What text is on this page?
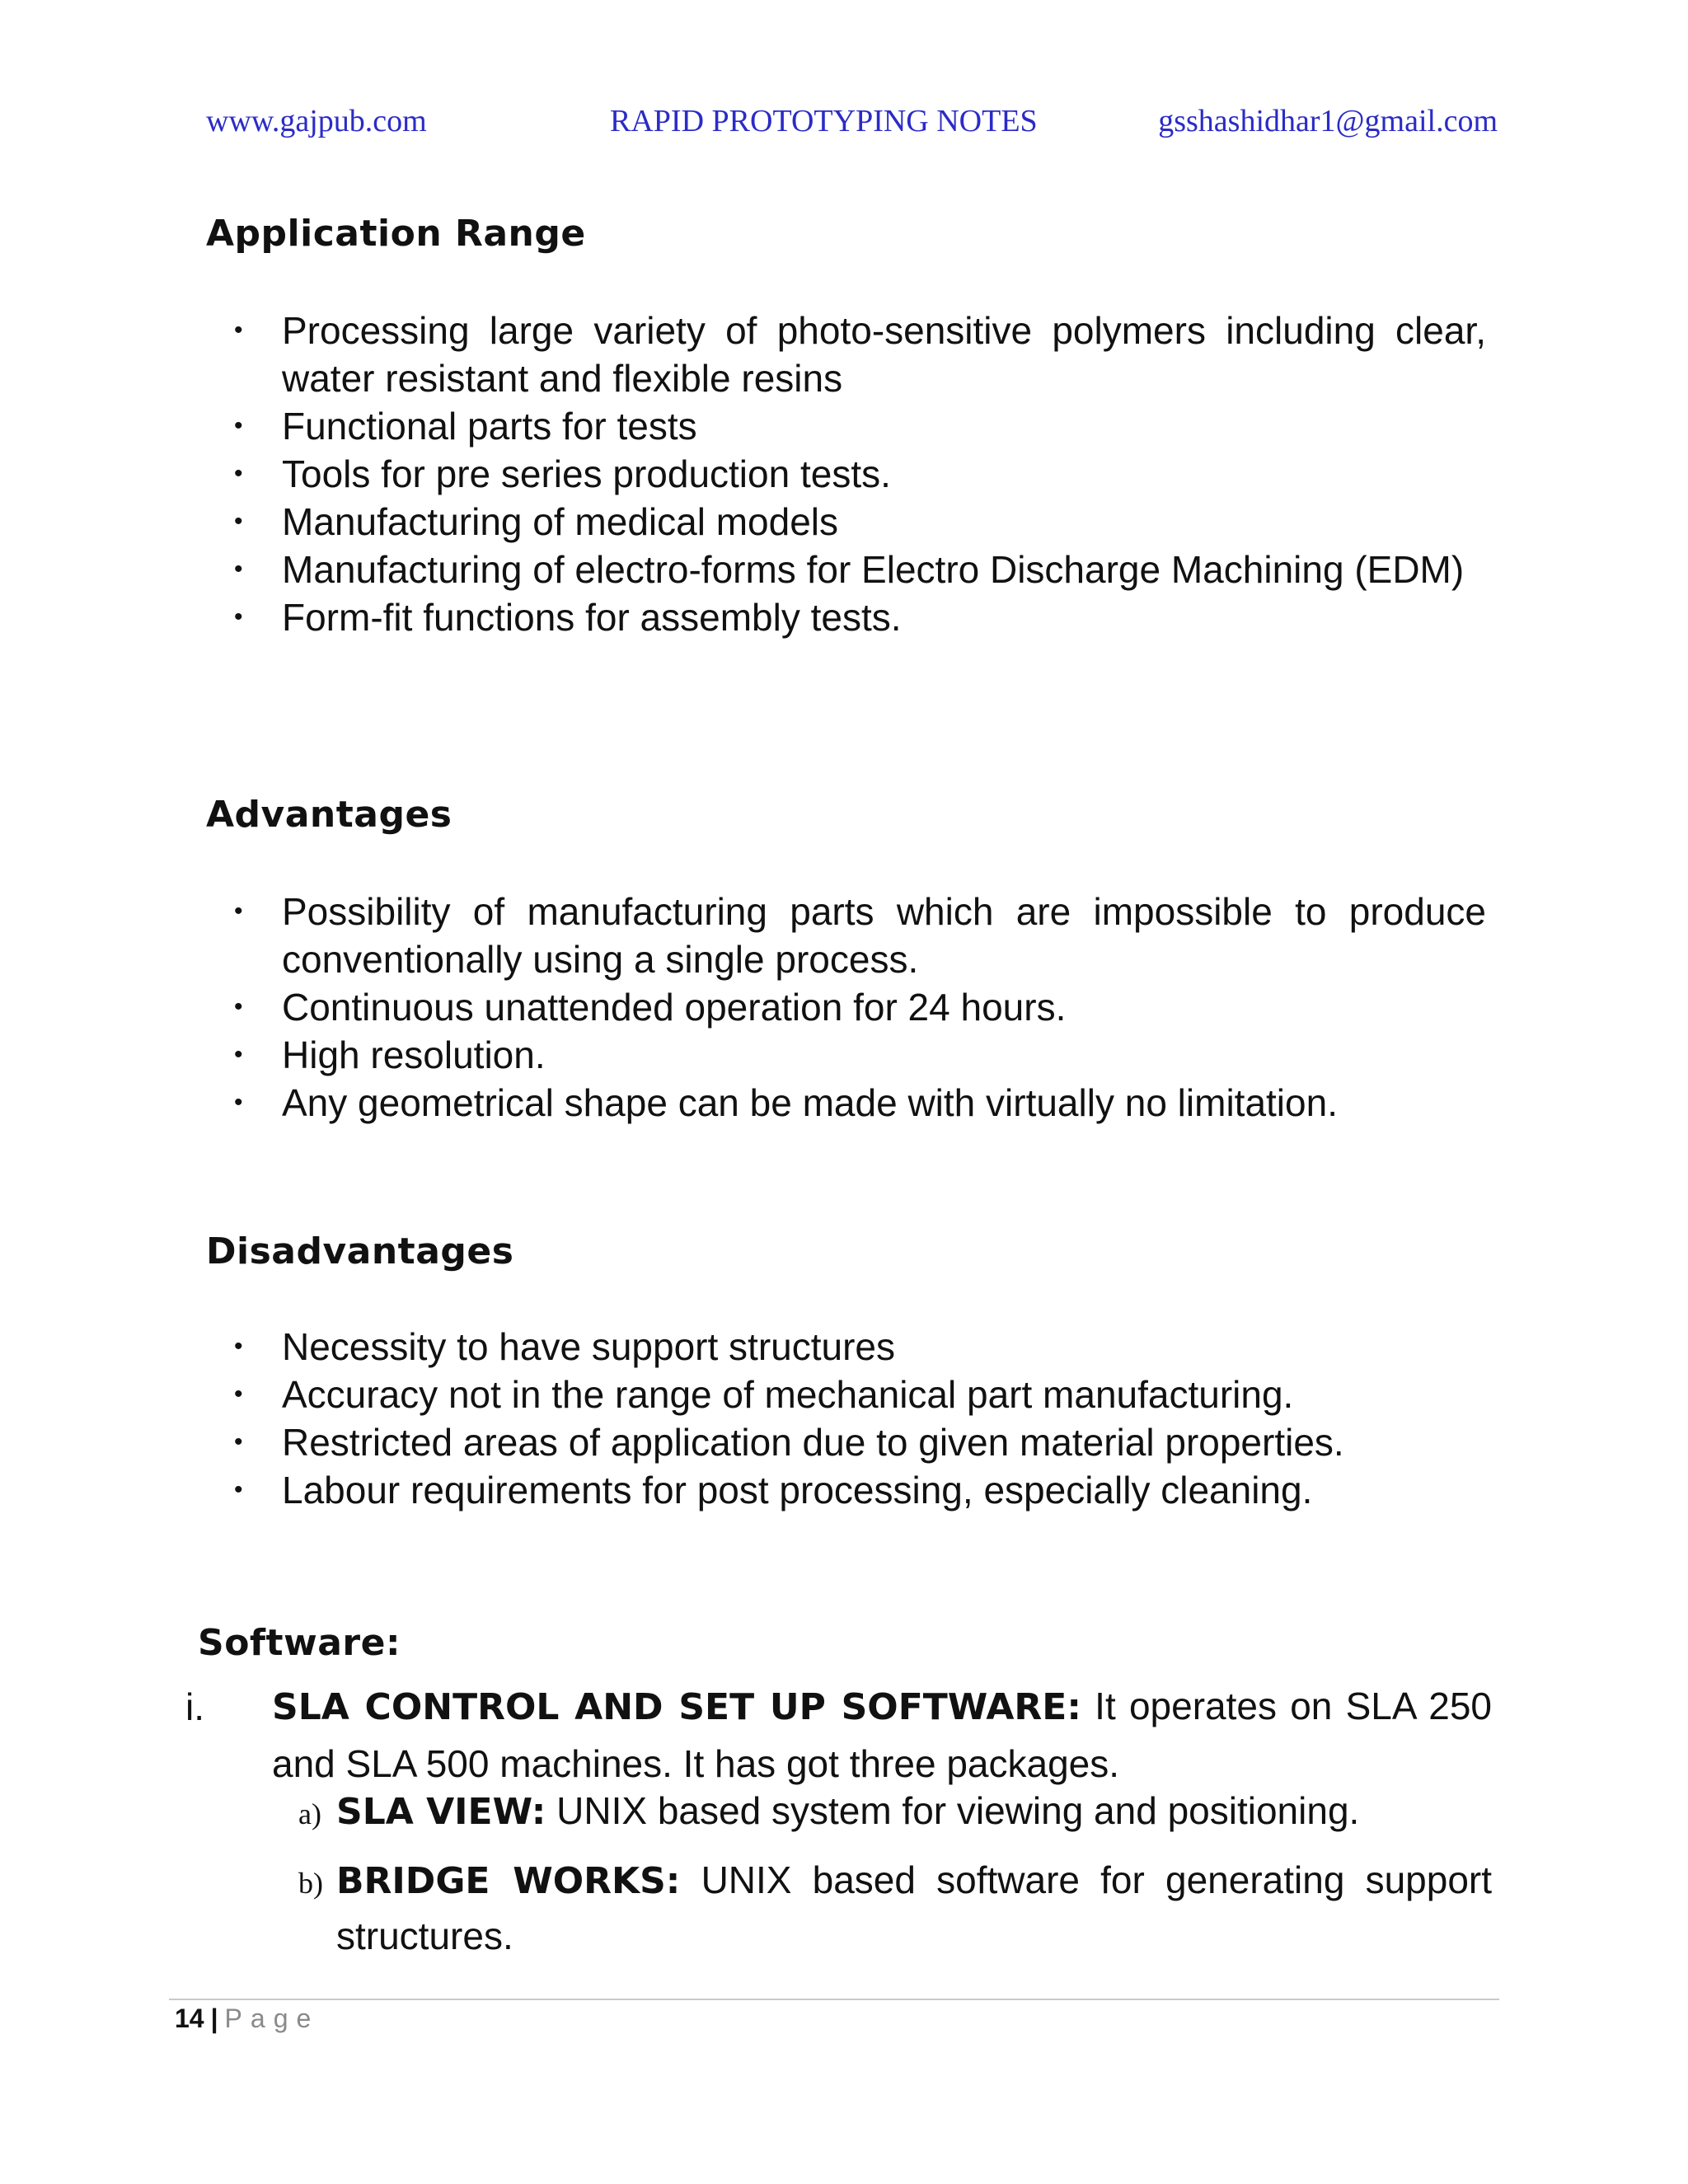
www.gajpub.com	RAPID PROTOTYPING NOTES	gsshashidhar1@gmail.com
Application Range
• Processing large variety of photo-sensitive polymers including clear, water resistant and flexible resins
• Functional parts for tests
• Tools for pre series production tests.
• Manufacturing of medical models
• Manufacturing of electro-forms for Electro Discharge Machining (EDM)
• Form-fit functions for assembly tests.
Advantages
• Possibility of manufacturing parts which are impossible to produce conventionally using a single process.
• Continuous unattended operation for 24 hours.
• High resolution.
• Any geometrical shape can be made with virtually no limitation.
Disadvantages
• Necessity to have support structures
• Accuracy not in the range of mechanical part manufacturing.
• Restricted areas of application due to given material properties.
• Labour requirements for post processing, especially cleaning.
Software:
i. SLA CONTROL AND SET UP SOFTWARE: It operates on SLA 250 and SLA 500 machines. It has got three packages.
a) SLA VIEW: UNIX based system for viewing and positioning.
b) BRIDGE WORKS: UNIX based software for generating support structures.
14 | Page
